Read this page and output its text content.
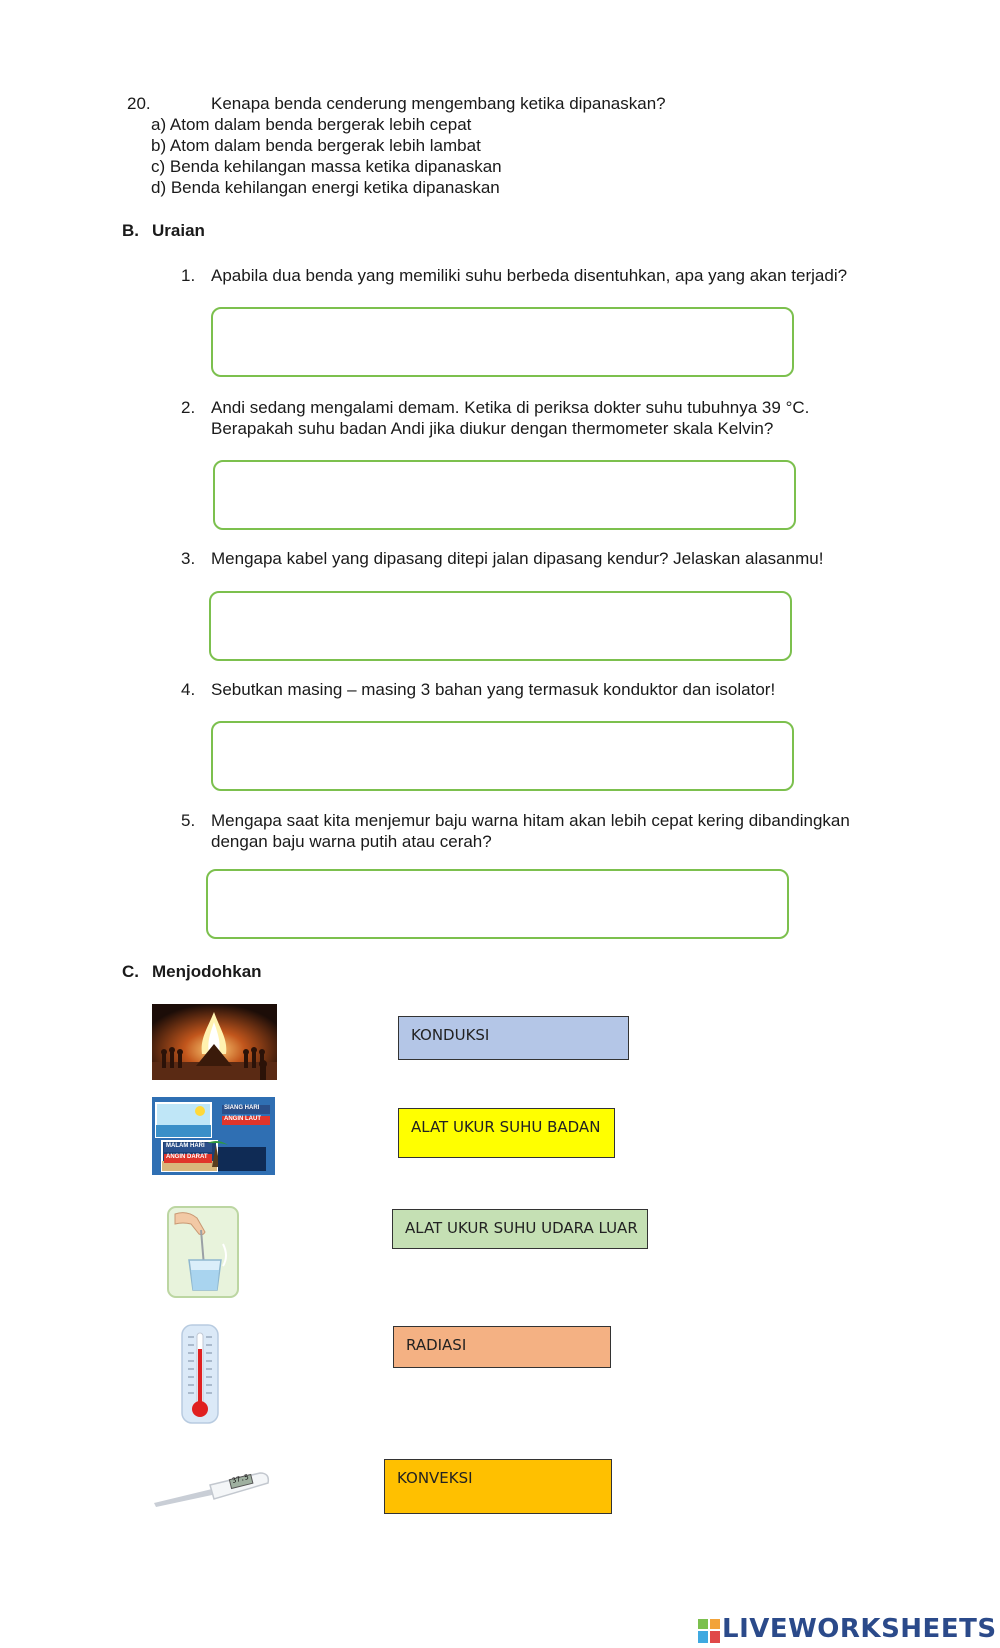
20.	Kenapa benda cenderung mengembang ketika dipanaskan?
a) Atom dalam benda bergerak lebih cepat
b) Atom dalam benda bergerak lebih lambat
c) Benda kehilangan massa ketika dipanaskan
d) Benda kehilangan energi ketika dipanaskan
B. Uraian
1. Apabila dua benda yang memiliki suhu berbeda disentuhkan, apa yang akan terjadi?
2. Andi sedang mengalami demam. Ketika di periksa dokter suhu tubuhnya 39 °C.
Berapakah suhu badan Andi jika diukur dengan thermometer skala Kelvin?
3. Mengapa kabel yang dipasang ditepi jalan dipasang kendur? Jelaskan alasanmu!
4. Sebutkan masing – masing 3 bahan yang termasuk konduktor dan isolator!
5. Mengapa saat kita menjemur baju warna hitam akan lebih cepat kering dibandingkan
dengan baju warna putih atau cerah?
C. Menjodohkan
SIANG HARI
ANGIN LAUT
MALAM HARI
ANGIN DARAT
37.5
KONDUKSI
ALAT UKUR SUHU BADAN
ALAT UKUR SUHU UDARA LUAR
RADIASI
KONVEKSI
LIVEWORKSHEETS
